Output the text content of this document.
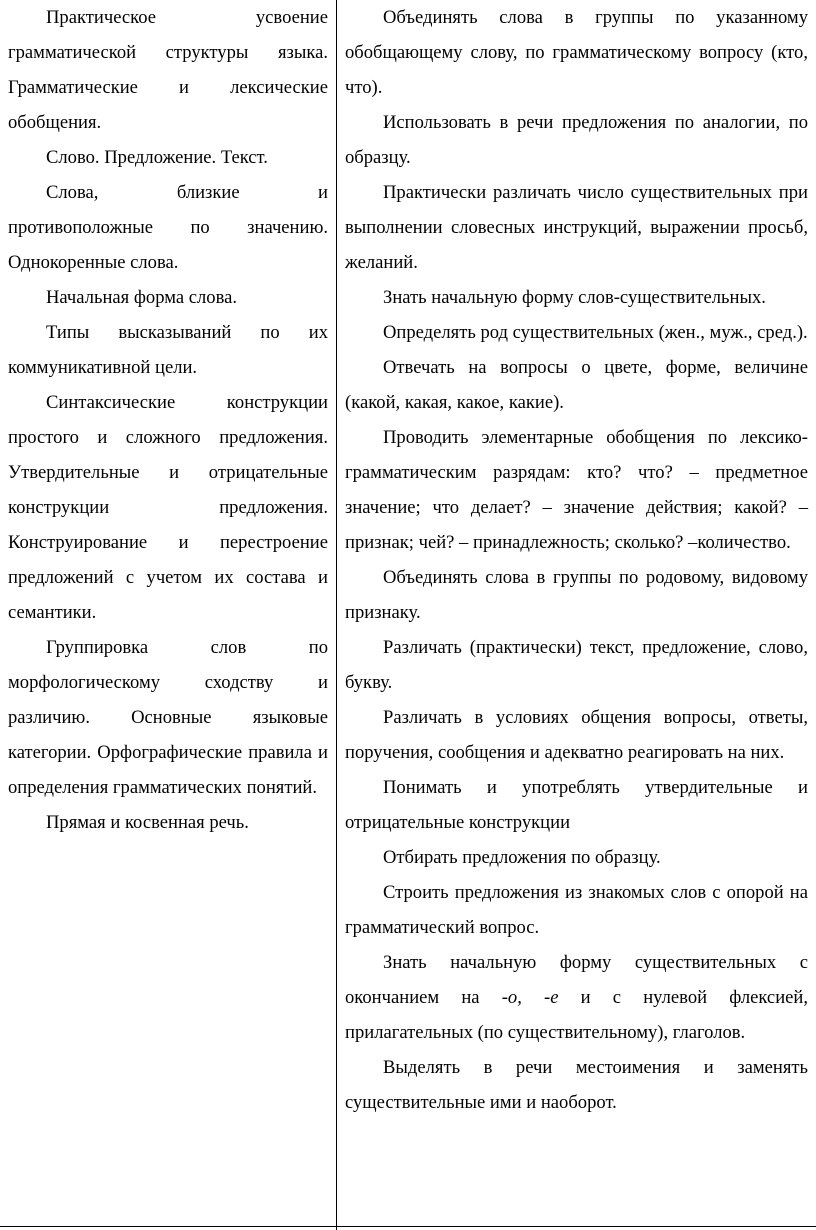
Практическое усвоение грамматической структуры языка. Грамматические и лексические обобщения.

Слово. Предложение. Текст.

Слова, близкие и противоположные по значению. Однокоренные слова.

Начальная форма слова.

Типы высказываний по их коммуникативной цели.

Синтаксические конструкции простого и сложного предложения. Утвердительные и отрицательные конструкции предложения. Конструирование и перестроение предложений с учетом их состава и семантики.

Группировка слов по морфологическому сходству и различию. Основные языковые категории. Орфографические правила и определения грамматических понятий.

Прямая и косвенная речь.

Объединять слова в группы по указанному обобщающему слову, по грамматическому вопросу (кто, что).

Использовать в речи предложения по аналогии, по образцу.

Практически различать число существительных при выполнении словесных инструкций, выражении просьб, желаний.

Знать начальную форму слов-существительных.

Определять род существительных (жен., муж., сред.).

Отвечать на вопросы о цвете, форме, величине (какой, какая, какое, какие).

Проводить элементарные обобщения по лексико-грамматическим разрядам: кто? что? – предметное значение; что делает? – значение действия; какой? – признак; чей? – принадлежность; сколько? –количество.

Объединять слова в группы по родовому, видовому признаку.

Различать (практически) текст, предложение, слово, букву.

Различать в условиях общения вопросы, ответы, поручения, сообщения и адекватно реагировать на них.

Понимать и употреблять утвердительные и отрицательные конструкции

Отбирать предложения по образцу.

Строить предложения из знакомых слов с опорой на грамматический вопрос.

Знать начальную форму существительных с окончанием на -о, -е и с нулевой флексией, прилагательных (по существительному), глаголов.

Выделять в речи местоимения и заменять существительные ими и наоборот.
